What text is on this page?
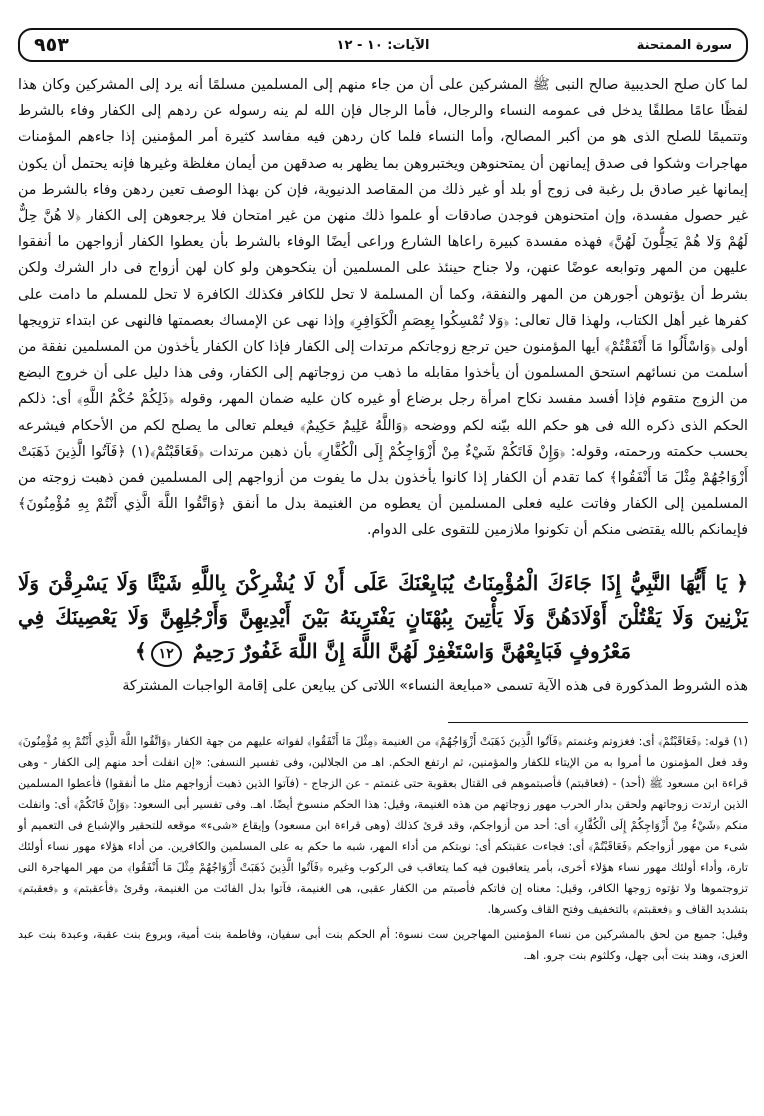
سورة الممتحنة
الآيات: ١٠ - ١٢
٩٥٣

لما كان صلح الحديبية صالح النبى ﷺ المشركين على أن من جاء منهم إلى المسلمين مسلمًا أنه يرد إلى المشركين وكان هذا لفظًا عامًا مطلقًا يدخل فى عمومه النساء والرجال، فأما الرجال فإن الله لم ينه رسوله عن ردهم إلى الكفار وفاء بالشرط وتتميمًا للصلح الذى هو من أكبر المصالح، وأما النساء فلما كان ردهن فيه مفاسد كثيرة أمر المؤمنين إذا جاءهم المؤمنات مهاجرات وشكوا فى صدق إيمانهن أن يمتحنوهن ويختبروهن بما يظهر به صدقهن من أيمان مغلظة وغيرها فإنه يحتمل أن يكون إيمانها غير صادق بل رغبة فى زوج أو بلد أو غير ذلك من المقاصد الدنيوية، فإن كن بهذا الوصف تعين ردهن وفاء بالشرط من غير حصول مفسدة، وإن امتحنوهن فوجدن صادقات أو علموا ذلك منهن من غير امتحان فلا يرجعوهن إلى الكفار ﴿لا هُنَّ حِلٌّ لَهُمْ وَلا هُمْ يَحِلُّونَ لَهُنَّ﴾ فهذه مفسدة كبيرة راعاها الشارع وراعى أيضًا الوفاء بالشرط بأن يعطوا الكفار أزواجهن ما أنفقوا عليهن من المهر وتوابعه عوضًا عنهن، ولا جناح حينئذ على المسلمين أن ينكحوهن ولو كان لهن أزواج فى دار الشرك ولكن بشرط أن يؤتوهن أجورهن من المهر والنفقة، وكما أن المسلمة لا تحل للكافر فكذلك الكافرة لا تحل للمسلم ما دامت على كفرها غير أهل الكتاب، ولهذا قال تعالى: ﴿وَلا تُمْسِكُوا بِعِصَمِ الْكَوَافِرِ﴾ وإذا نهى عن الإمساك بعصمتها فالنهى عن ابتداء تزويجها أولى ﴿وَاسْأَلُوا مَا أَنْفَقْتُمْ﴾ أيها المؤمنون حين ترجع زوجاتكم مرتدات إلى الكفار فإذا كان الكفار يأخذون من المسلمين نفقة من أسلمت من نسائهم استحق المسلمون أن يأخذوا مقابله ما ذهب من زوجاتهم إلى الكفار، وفى هذا دليل على أن خروج البضع من الزوج متقوم فإذا أفسد مفسد نكاح امرأة رجل برضاع أو غيره كان عليه ضمان المهر، وقوله ﴿ذَلِكُمْ حُكْمُ اللَّهِ﴾ أى: ذلكم الحكم الذى ذكره الله فى هو حكم الله بيّنه لكم ووضحه ﴿وَاللَّهُ عَلِيمٌ حَكِيمٌ﴾ فيعلم تعالى ما يصلح لكم من الأحكام فيشرعه بحسب حكمته ورحمته، وقوله: ﴿وَإِنْ فَاتَكُمْ شَيْءٌ مِنْ أَزْوَاجِكُمْ إِلَى الْكُفَّارِ﴾ بأن ذهبن مرتدات ﴿فَعَاقَبْتُمْ﴾(١) ﴿فَآتُوا الَّذِينَ ذَهَبَتْ أَزْوَاجُهُمْ مِثْلَ مَا أَنْفَقُوا﴾ كما تقدم أن الكفار إذا كانوا يأخذون بدل ما يفوت من أزواجهم إلى المسلمين فمن ذهبت زوجته من المسلمين إلى الكفار وفاتت عليه فعلى المسلمين أن يعطوه من الغنيمة بدل ما أنفق ﴿وَاتَّقُوا اللَّهَ الَّذِي أَنْتُمْ بِهِ مُؤْمِنُونَ﴾ فإيمانكم بالله يقتضى منكم أن تكونوا ملازمين للتقوى على الدوام.

﴿ يَا أَيُّهَا النَّبِيُّ إِذَا جَاءَكَ الْمُؤْمِنَاتُ يُبَايِعْنَكَ عَلَى أَنْ لَا يُشْرِكْنَ بِاللَّهِ شَيْئًا وَلَا يَسْرِقْنَ وَلَا يَزْنِينَ وَلَا يَقْتُلْنَ أَوْلَادَهُنَّ وَلَا يَأْتِينَ بِبُهْتَانٍ يَفْتَرِينَهُ بَيْنَ أَيْدِيهِنَّ وَأَرْجُلِهِنَّ وَلَا يَعْصِينَكَ فِي مَعْرُوفٍ فَبَايِعْهُنَّ وَاسْتَغْفِرْ لَهُنَّ اللَّهَ إِنَّ اللَّهَ غَفُورٌ رَحِيمٌ ١٢﴾

هذه الشروط المذكورة فى هذه الآية تسمى «مبايعة النساء» اللاتى كن يبايعن على إقامة الواجبات المشتركة

(١) قوله: ﴿فَعَاقَبْتُمْ﴾ أى: فغزوتم وغنمتم ﴿فَآتُوا الَّذِينَ ذَهَبَتْ أَزْوَاجُهُمْ﴾ من الغنيمة ﴿مِثْلَ مَا أَنْفَقُوا﴾ لفواته عليهم من جهة الكفار ﴿وَاتَّقُوا اللَّهَ الَّذِي أَنْتُمْ بِهِ مُؤْمِنُونَ﴾ وقد فعل المؤمنون ما أمروا به من الإيتاء للكفار والمؤمنين، ثم ارتفع الحكم. اهـ من الجلالين، وفى تفسير النسفى: «إن انفلت أحد منهم إلى الكفار - وهى قراءة ابن مسعود ﷺ (أحد) - (فعاقبتم) فأصبتموهم فى القتال بعقوبة حتى غنمتم - عن الزجاج - (فآتوا الذين ذهبت أزواجهم مثل ما أنفقوا) فأعطوا المسلمين الذين ارتدت زوجاتهم ولحقن بدار الحرب مهور زوجاتهم من هذه الغنيمة، وقيل: هذا الحكم منسوخ أيضًا. اهـ. وفى تفسير أبى السعود: ﴿وَإِنْ فَاتَكُمْ﴾ أى: وانفلت منكم ﴿شَيْءٌ مِنْ أَزْوَاجِكُمْ إِلَى الْكُفَّارِ﴾ أى: أحد من أزواجكم، وقد قرئ كذلك (وهى قراءة ابن مسعود) وإيقاع «شىء» موقعه للتحقير والإشباع فى التعميم أو شىء من مهور أزواجكم ﴿فَعَاقَبْتُمْ﴾ أى: فجاءت عقبتكم أى: نوبتكم من أداء المهر، شبه ما حكم به على المسلمين والكافرين. من أداء هؤلاء مهور نساء أولئك تارة، وأداء أولئك مهور نساء هؤلاء أخرى، بأمر يتعاقبون فيه كما يتعاقب فى الركوب وغيره ﴿فَآتُوا الَّذِينَ ذَهَبَتْ أَزْوَاجُهُمْ مِثْلَ مَا أَنْفَقُوا﴾ من مهر المهاجرة التى تزوجتموها ولا تؤتوه زوجها الكافر، وقيل: معناه إن فاتكم فأصبتم من الكفار عقبى، هى الغنيمة، فآتوا بدل الفائت من الغنيمة، وقرئ ﴿فأعقبتم﴾ و ﴿فعقبتم﴾ بتشديد القاف و ﴿فعقبتم﴾ بالتخفيف وفتح القاف وكسرها.

وقيل: جميع من لحق بالمشركين من نساء المؤمنين المهاجرين ست نسوة: أم الحكم بنت أبى سفيان، وفاطمة بنت أمية، وبروع بنت عقبة، وعبدة بنت عبد العزى، وهند بنت أبى جهل، وكلثوم بنت جرو. اهـ.
